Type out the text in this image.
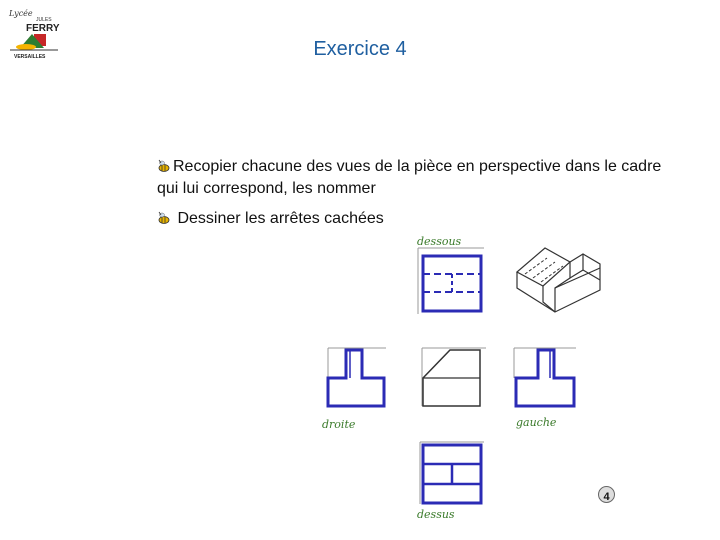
Lycée
JULES
FERRY
VERSAILLES	Exercice 4
Recopier chacune des vues de la pièce en perspective dans le cadre qui lui correspond, les nommer
Dessiner les arrêtes cachées
dessous
droite	gauche
dessus
4
